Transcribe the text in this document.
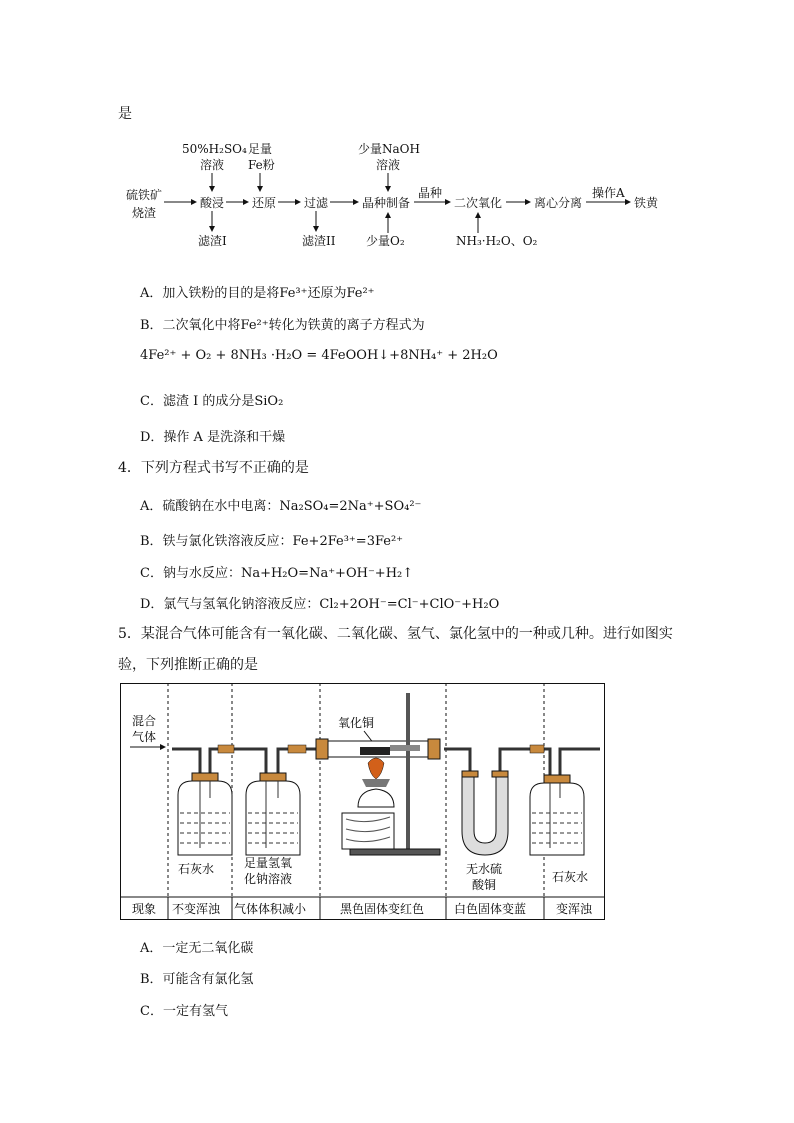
是
硫铁矿
烧渣
50%H₂SO₄
溶液
足量
Fe粉
酸浸 还原 过滤	晶种制备	二次氧化	离心分离	铁黄
少量NaOH
溶液
晶种	操作A
滤渣I	滤渣II	少量O₂	NH₃·H₂O、O₂
A．加入铁粉的目的是将Fe³⁺还原为Fe²⁺
B．二次氧化中将Fe²⁺转化为铁黄的离子方程式为
4Fe²⁺ + O₂ + 8NH₃ ·H₂O = 4FeOOH↓+8NH₄⁺ + 2H₂O
C．滤渣 I 的成分是SiO₂
D．操作 A 是洗涤和干燥
4．下列方程式书写不正确的是
A．硫酸钠在水中电离：Na₂SO₄=2Na⁺+SO₄²⁻
B．铁与氯化铁溶液反应：Fe+2Fe³⁺=3Fe²⁺
C．钠与水反应：Na+H₂O=Na⁺+OH⁻+H₂↑
D．氯气与氢氧化钠溶液反应：Cl₂+2OH⁻=Cl⁻+ClO⁻+H₂O
5．某混合气体可能含有一氧化碳、二氧化碳、氢气、氯化氢中的一种或几种。进行如图实
验，下列推断正确的是
混合
气体
石灰水 足量氢氧
化钠溶液
氧化铜
无水硫
酸铜
石灰水
现象 不变浑浊 气体体积减小	黑色固体变红色 白色固体变蓝 变浑浊
A．一定无二氧化碳
B．可能含有氯化氢
C．一定有氢气
